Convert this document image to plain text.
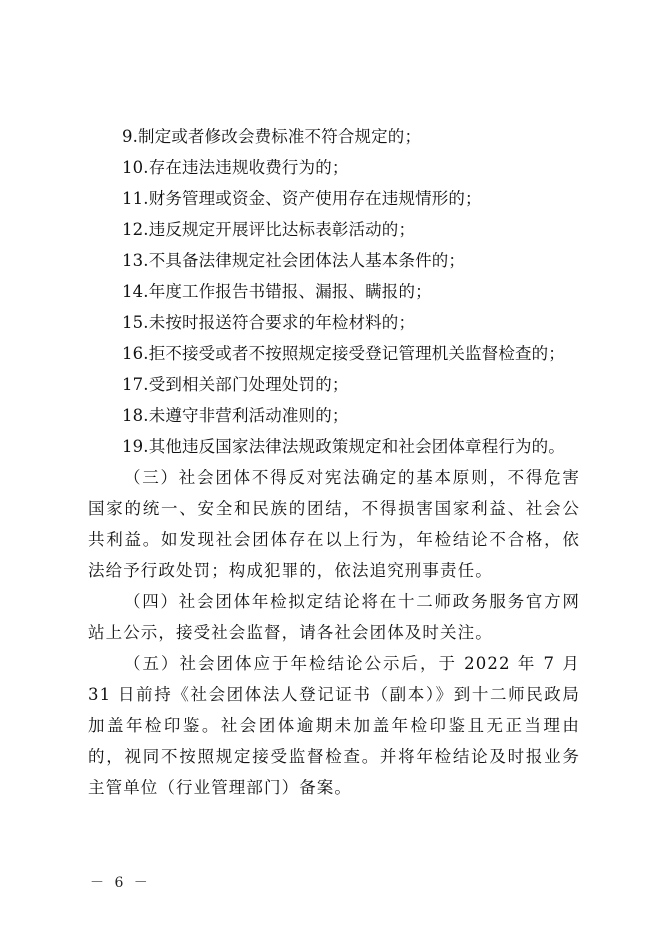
9.制定或者修改会费标准不符合规定的；

10.存在违法违规收费行为的；

11.财务管理或资金、资产使用存在违规情形的；

12.违反规定开展评比达标表彰活动的；

13.不具备法律规定社会团体法人基本条件的；

14.年度工作报告书错报、漏报、瞒报的；

15.未按时报送符合要求的年检材料的；

16.拒不接受或者不按照规定接受登记管理机关监督检查的；

17.受到相关部门处理处罚的；

18.未遵守非营利活动准则的；

19.其他违反国家法律法规政策规定和社会团体章程行为的。

（三）社会团体不得反对宪法确定的基本原则，不得危害国家的统一、安全和民族的团结，不得损害国家利益、社会公共利益。如发现社会团体存在以上行为，年检结论不合格，依法给予行政处罚；构成犯罪的，依法追究刑事责任。

（四）社会团体年检拟定结论将在十二师政务服务官方网站上公示，接受社会监督，请各社会团体及时关注。

（五）社会团体应于年检结论公示后，于 2022 年 7 月 31 日前持《社会团体法人登记证书（副本）》到十二师民政局加盖年检印鉴。社会团体逾期未加盖年检印鉴且无正当理由的，视同不按照规定接受监督检查。并将年检结论及时报业务主管单位（行业管理部门）备案。

－ 6 －
